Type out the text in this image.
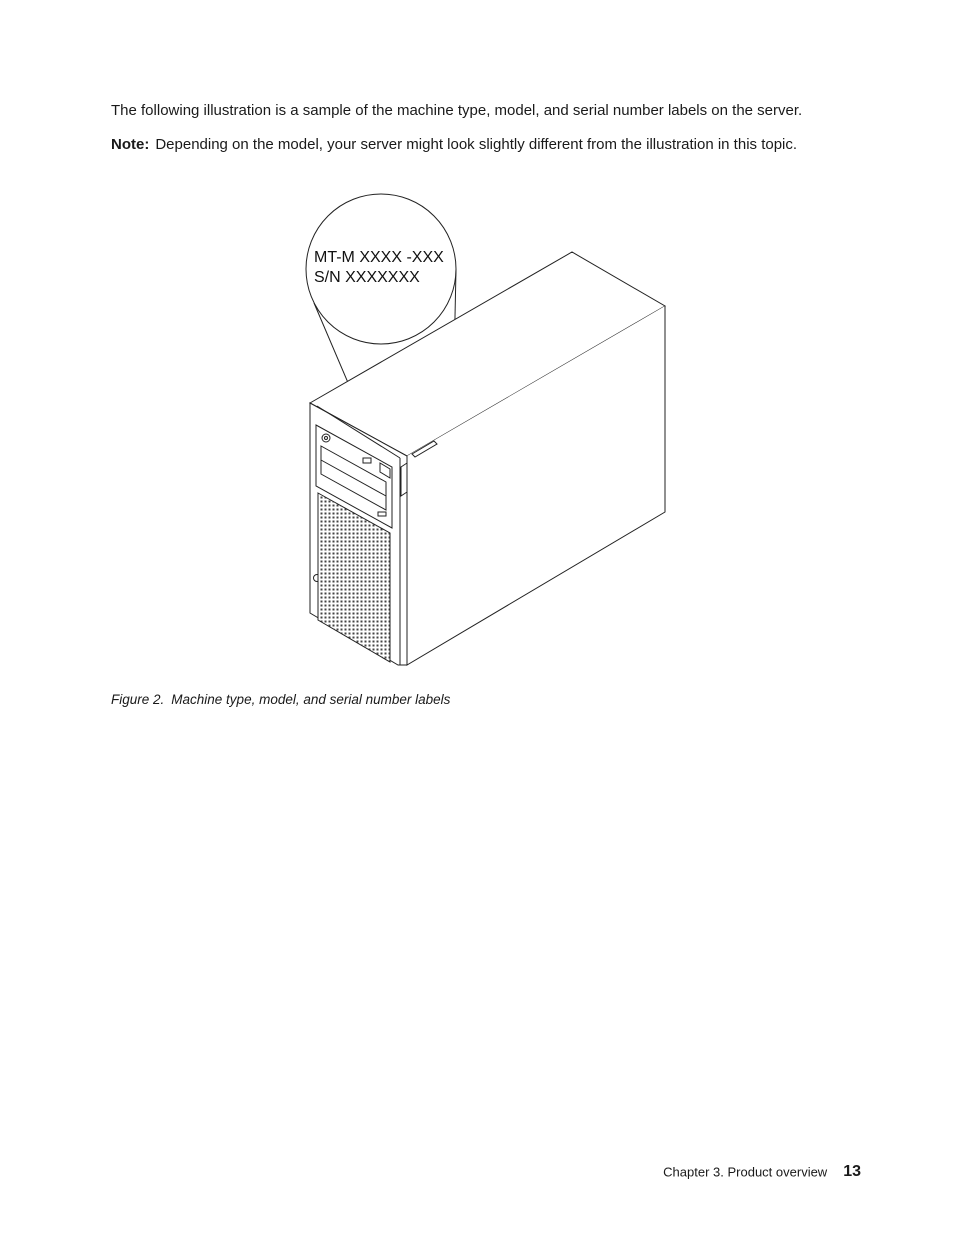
The following illustration is a sample of the machine type, model, and serial number labels on the server.

Note: Depending on the model, your server might look slightly different from the illustration in this topic.

MT-M XXXX -XXX
S/N XXXXXXX
Figure 2. Machine type, model, and serial number labels
Chapter 3. Product overview 13
